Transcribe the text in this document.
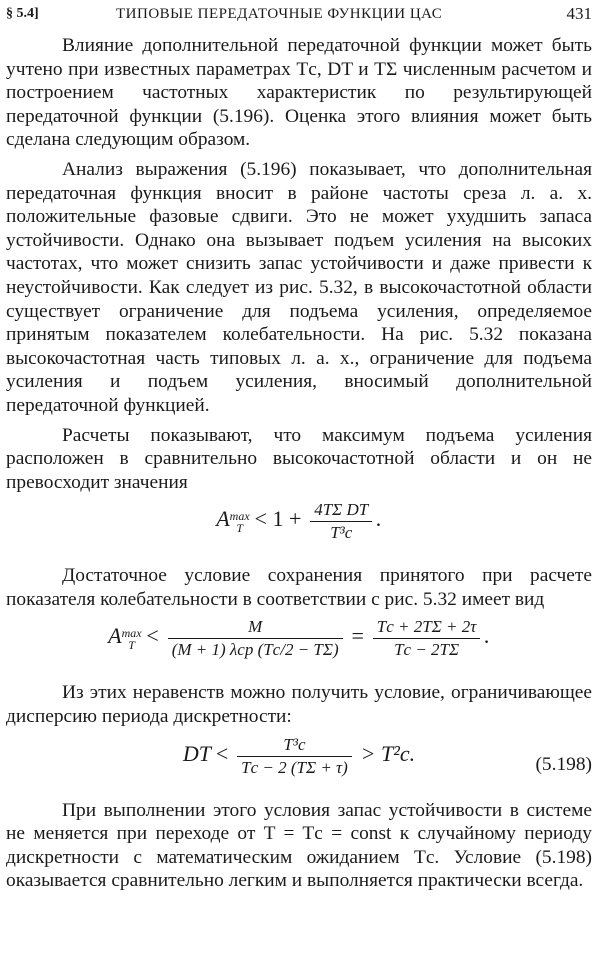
§ 5.4]	ТИПОВЫЕ ПЕРЕДАТОЧНЫЕ ФУНКЦИИ ЦАС	431

Влияние дополнительной передаточной функции может быть учтено при известных параметрах Tс, DT и TΣ численным расчетом и построением частотных характеристик по результирующей передаточной функции (5.196). Оценка этого влияния может быть сделана следующим образом.

Анализ выражения (5.196) показывает, что дополнительная передаточная функция вносит в районе частоты среза л. а. х. положительные фазовые сдвиги. Это не может ухудшить запаса устойчивости. Однако она вызывает подъем усиления на высоких частотах, что может снизить запас устойчивости и даже привести к неустойчивости. Как следует из рис. 5.32, в высокочастотной области существует ограничение для подъема усиления, определяемое принятым показателем колебательности. На рис. 5.32 показана высокочастотная часть типовых л. а. х., ограничение для подъема усиления и подъем усиления, вносимый дополнительной передаточной функцией.

Расчеты показывают, что максимум подъема усиления расположен в сравнительно высокочастотной области и он не превосходит значения

A max
$T < 1 + \frac{\text{4TΣ DT}}{\text{T³с}}$ .

Достаточное условие сохранения принятого при расчете показателя колебательности в соответствии с рис. 5.32 имеет вид

A max
$T < \frac{M}{\text{(M + 1) λср (Tс/2 − TΣ)}} = \frac{Tс + 2T\Sigma + 2\tau}{Tс - 2T\Sigma}$ .

Из этих неравенств можно получить условие, ограничивающее дисперсию периода дискретности:

DT < $\frac{\text{T³с}}{Tс - 2 (T\Sigma + \tau)} > T^2с$.	(5.198)

При выполнении этого условия запас устойчивости в системе не меняется при переходе от T = Tс = const к случайному периоду дискретности с математическим ожиданием Tс. Условие (5.198) оказывается сравнительно легким и выполняется практически всегда.
